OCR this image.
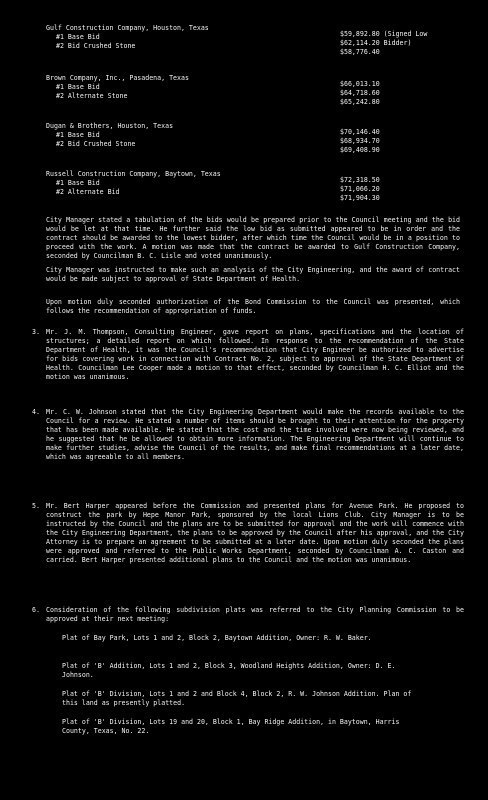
Gulf Construction Company, Houston, Texas
#1 Base Bid
#2 Bid Crushed Stone
$59,892.80 (Signed Low
$62,114.20 Bidder)
$58,776.40
Brown Company, Inc., Pasadena, Texas
#1 Base Bid
#2 Alternate Stone
$66,013.10
$64,718.60
$65,242.80
Dugan & Brothers, Houston, Texas
#1 Base Bid
#2 Bid Crushed Stone
$70,146.40
$68,934.70
$69,408.90
Russell Construction Company, Baytown, Texas
#1 Base Bid
#2 Alternate Bid
$72,318.50
$71,066.20
$71,904.30

City Manager stated a tabulation of the bids would be prepared prior to the Council meeting and the bid would be let at that time. He further said the low bid as submitted appeared to be in order and the contract should be awarded to the lowest bidder, after which time the Council would be in a position to proceed with the work. A motion was made that the contract be awarded to Gulf Construction Company, seconded by Councilman B. C. Lisle and voted unanimously.

City Manager was instructed to make such an analysis of the City Engineering, and the award of contract would be made subject to approval of State Department of Health.

Upon motion duly seconded authorization of the Bond Commission to the Council was presented, which follows the recommendation of appropriation of funds.

3. Mr. J. M. Thompson, Consulting Engineer, gave report on plans, specifications and the location of structures; a detailed report on which followed. In response to the recommendation of the State Department of Health, it was the Council's recommendation that City Engineer be authorized to advertise for bids covering work in connection with Contract No. 2, subject to approval of the State Department of Health. Councilman Lee Cooper made a motion to that effect, seconded by Councilman H. C. Elliot and the motion was unanimous.

4. Mr. C. W. Johnson stated that the City Engineering Department would make the records available to the Council for a review. He stated a number of items should be brought to their attention for the property that has been made available. He stated that the cost and the time involved were now being reviewed, and he suggested that he be allowed to obtain more information. The Engineering Department will continue to make further studies, advise the Council of the results, and make final recommendations at a later date, which was agreeable to all members.

5. Mr. Bert Harper appeared before the Commission and presented plans for Avenue Park. He proposed to construct the park by Hepe Manor Park, sponsored by the local Lions Club. City Manager is to be instructed by the Council and the plans are to be submitted for approval and the work will commence with the City Engineering Department, the plans to be approved by the Council after his approval, and the City Attorney is to prepare an agreement to be submitted at a later date. Upon motion duly seconded the plans were approved and referred to the Public Works Department, seconded by Councilman A. C. Caston and carried. Bert Harper presented additional plans to the Council and the motion was unanimous.

6. Consideration of the following subdivision plats was referred to the City Planning Commission to be approved at their next meeting:

Plat of Bay Park, Lots 1 and 2, Block 2, Baytown Addition, Owner: R. W. Baker.

Plat of 'B' Addition, Lots 1 and 2, Block 3, Woodland Heights Addition, Owner: D. E. Johnson.

Plat of 'B' Division, Lots 1 and 2 and Block 4, Block 2, R. W. Johnson Addition. Plan of this land as presently platted.

Plat of 'B' Division, Lots 19 and 20, Block 1, Bay Ridge Addition, in Baytown, Harris County, Texas, No. 22.
